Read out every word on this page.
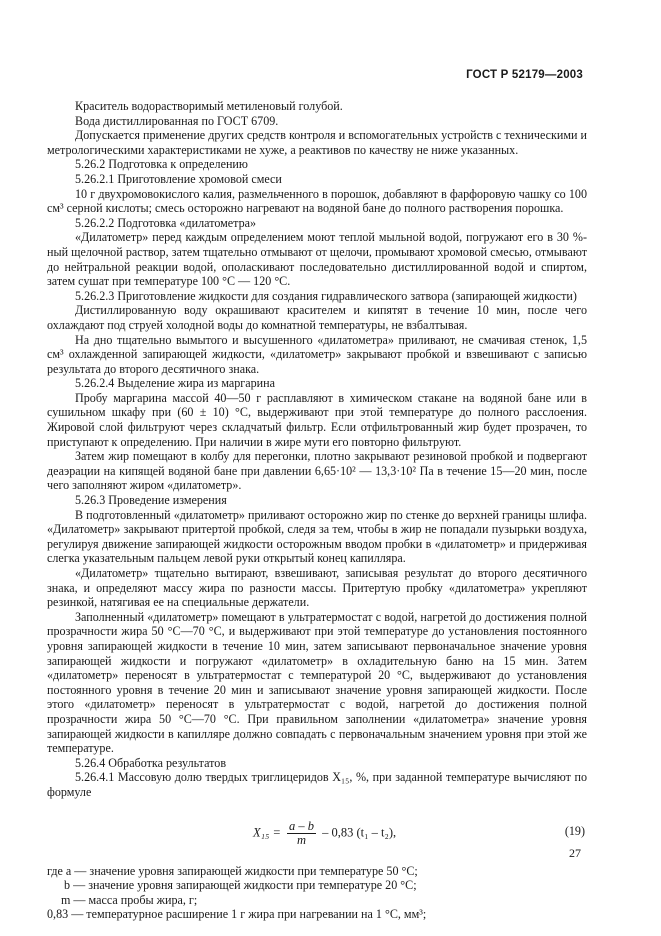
ГОСТ Р 52179—2003

Краситель водорастворимый метиленовый голубой.

Вода дистиллированная по ГОСТ 6709.

Допускается применение других средств контроля и вспомогательных устройств с техническими и метрологическими характеристиками не хуже, а реактивов по качеству не ниже указанных.

5.26.2 Подготовка к определению

5.26.2.1 Приготовление хромовой смеси

10 г двухромовокислого калия, размельченного в порошок, добавляют в фарфоровую чашку со 100 см³ серной кислоты; смесь осторожно нагревают на водяной бане до полного растворения порошка.

5.26.2.2 Подготовка «дилатометра»

«Дилатометр» перед каждым определением моют теплой мыльной водой, погружают его в 30 %-ный щелочной раствор, затем тщательно отмывают от щелочи, промывают хромовой смесью, отмывают до нейтральной реакции водой, ополаскивают последовательно дистиллированной водой и спиртом, затем сушат при температуре 100 °С — 120 °С.

5.26.2.3 Приготовление жидкости для создания гидравлического затвора (запирающей жидкости)

Дистиллированную воду окрашивают красителем и кипятят в течение 10 мин, после чего охлаждают под струей холодной воды до комнатной температуры, не взбалтывая.

На дно тщательно вымытого и высушенного «дилатометра» приливают, не смачивая стенок, 1,5 см³ охлажденной запирающей жидкости, «дилатометр» закрывают пробкой и взвешивают с записью результата до второго десятичного знака.

5.26.2.4 Выделение жира из маргарина

Пробу маргарина массой 40—50 г расплавляют в химическом стакане на водяной бане или в сушильном шкафу при (60 ± 10) °С, выдерживают при этой температуре до полного расслоения. Жировой слой фильтруют через складчатый фильтр. Если отфильтрованный жир будет прозрачен, то приступают к определению. При наличии в жире мути его повторно фильтруют.

Затем жир помещают в колбу для перегонки, плотно закрывают резиновой пробкой и подвергают деаэрации на кипящей водяной бане при давлении 6,65·10² — 13,3·10² Па в течение 15—20 мин, после чего заполняют жиром «дилатометр».

5.26.3 Проведение измерения

В подготовленный «дилатометр» приливают осторожно жир по стенке до верхней границы шлифа. «Дилатометр» закрывают притертой пробкой, следя за тем, чтобы в жир не попадали пузырьки воздуха, регулируя движение запирающей жидкости осторожным вводом пробки в «дилатометр» и придерживая слегка указательным пальцем левой руки открытый конец капилляра.

«Дилатометр» тщательно вытирают, взвешивают, записывая результат до второго десятичного знака, и определяют массу жира по разности массы. Притертую пробку «дилатометра» укрепляют резинкой, натягивая ее на специальные держатели.

Заполненный «дилатометр» помещают в ультратермостат с водой, нагретой до достижения полной прозрачности жира 50 °С—70 °С, и выдерживают при этой температуре до установления постоянного уровня запирающей жидкости в течение 10 мин, затем записывают первоначальное значение уровня запирающей жидкости и погружают «дилатометр» в охладительную баню на 15 мин. Затем «дилатометр» переносят в ультратермостат с температурой 20 °С, выдерживают до установления постоянного уровня в течение 20 мин и записывают значение уровня запирающей жидкости. После этого «дилатометр» переносят в ультратермостат с водой, нагретой до достижения полной прозрачности жира 50 °С—70 °С. При правильном заполнении «дилатометра» значение уровня запирающей жидкости в капилляре должно совпадать с первоначальным значением уровня при этой же температуре.

5.26.4 Обработка результатов

5.26.4.1 Массовую долю твердых триглицеридов X₁₅, %, при заданной температуре вычисляют по формуле

$X_{15} = \frac{a - b}{m} - 0,83$ (t₁ – t₂),	(19)

где a — значение уровня запирающей жидкости при температуре 50 °С;

b — значение уровня запирающей жидкости при температуре 20 °С;

m — масса пробы жира, г;

0,83 — температурное расширение 1 г жира при нагревании на 1 °С, мм³;

27
